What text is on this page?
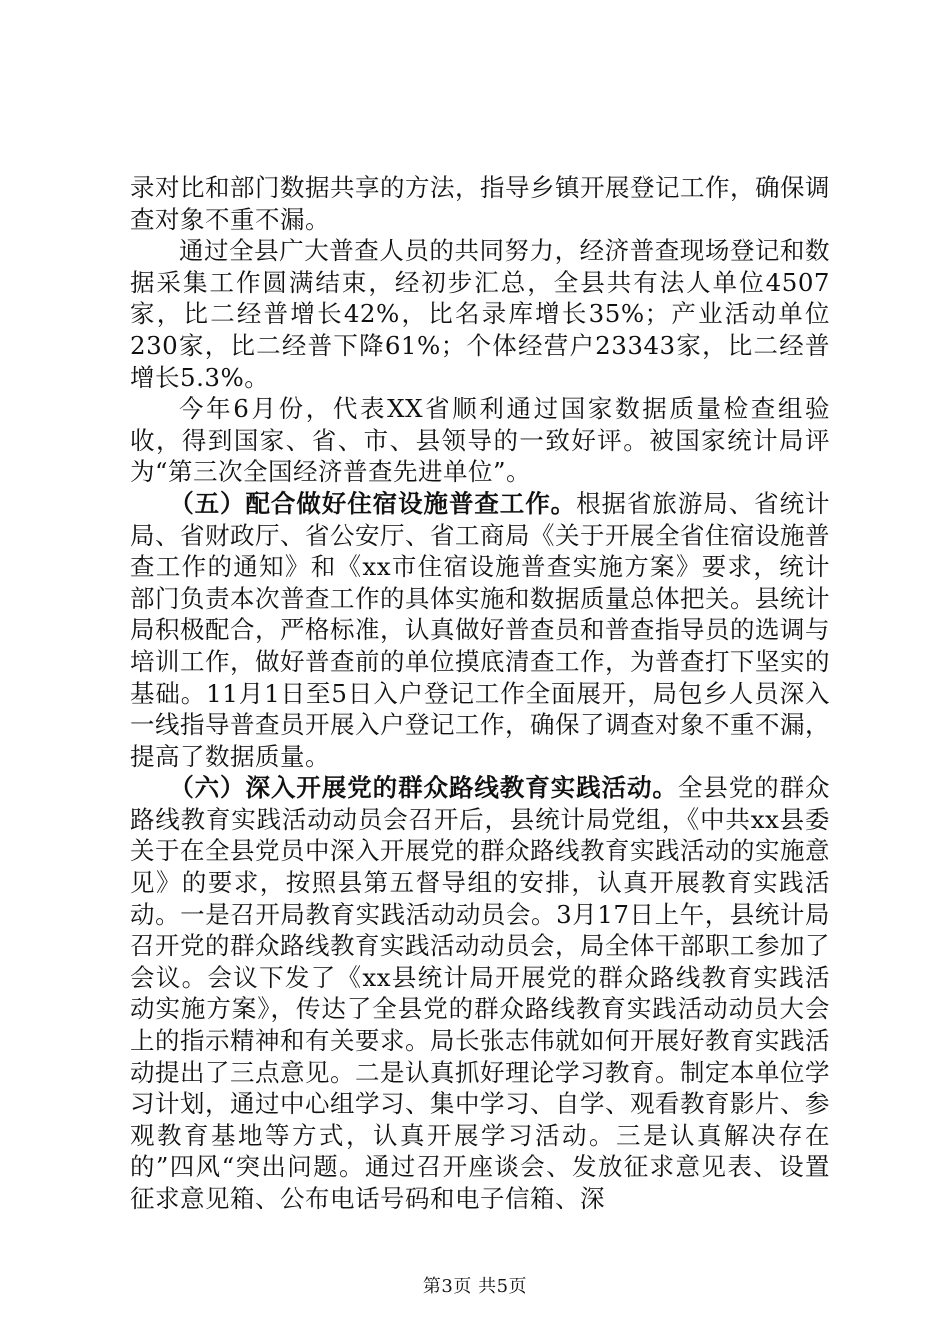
录对比和部门数据共享的方法，指导乡镇开展登记工作，确保调查对象不重不漏。

通过全县广大普查人员的共同努力，经济普查现场登记和数据采集工作圆满结束，经初步汇总，全县共有法人单位4507家，比二经普增长42%，比名录库增长35%；产业活动单位230家，比二经普下降61%；个体经营户23343家，比二经普增长5.3%。

今年6月份，代表XX省顺利通过国家数据质量检查组验收，得到国家、省、市、县领导的一致好评。被国家统计局评为“第三次全国经济普查先进单位”。

（五）配合做好住宿设施普查工作。根据省旅游局、省统计局、省财政厅、省公安厅、省工商局《关于开展全省住宿设施普查工作的通知》和《xx市住宿设施普查实施方案》要求，统计部门负责本次普查工作的具体实施和数据质量总体把关。县统计局积极配合，严格标准，认真做好普查员和普查指导员的选调与培训工作，做好普查前的单位摸底清查工作，为普查打下坚实的基础。11月1日至5日入户登记工作全面展开，局包乡人员深入一线指导普查员开展入户登记工作，确保了调查对象不重不漏，提高了数据质量。

（六）深入开展党的群众路线教育实践活动。全县党的群众路线教育实践活动动员会召开后，县统计局党组，《中共xx县委关于在全县党员中深入开展党的群众路线教育实践活动的实施意见》的要求，按照县第五督导组的安排，认真开展教育实践活动。一是召开局教育实践活动动员会。3月17日上午，县统计局召开党的群众路线教育实践活动动员会，局全体干部职工参加了会议。会议下发了《xx县统计局开展党的群众路线教育实践活动实施方案》，传达了全县党的群众路线教育实践活动动员大会上的指示精神和有关要求。局长张志伟就如何开展好教育实践活动提出了三点意见。二是认真抓好理论学习教育。制定本单位学习计划，通过中心组学习、集中学习、自学、观看教育影片、参观教育基地等方式，认真开展学习活动。三是认真解决存在的”四风“突出问题。通过召开座谈会、发放征求意见表、设置征求意见箱、公布电话号码和电子信箱、深

第3页 共5页
